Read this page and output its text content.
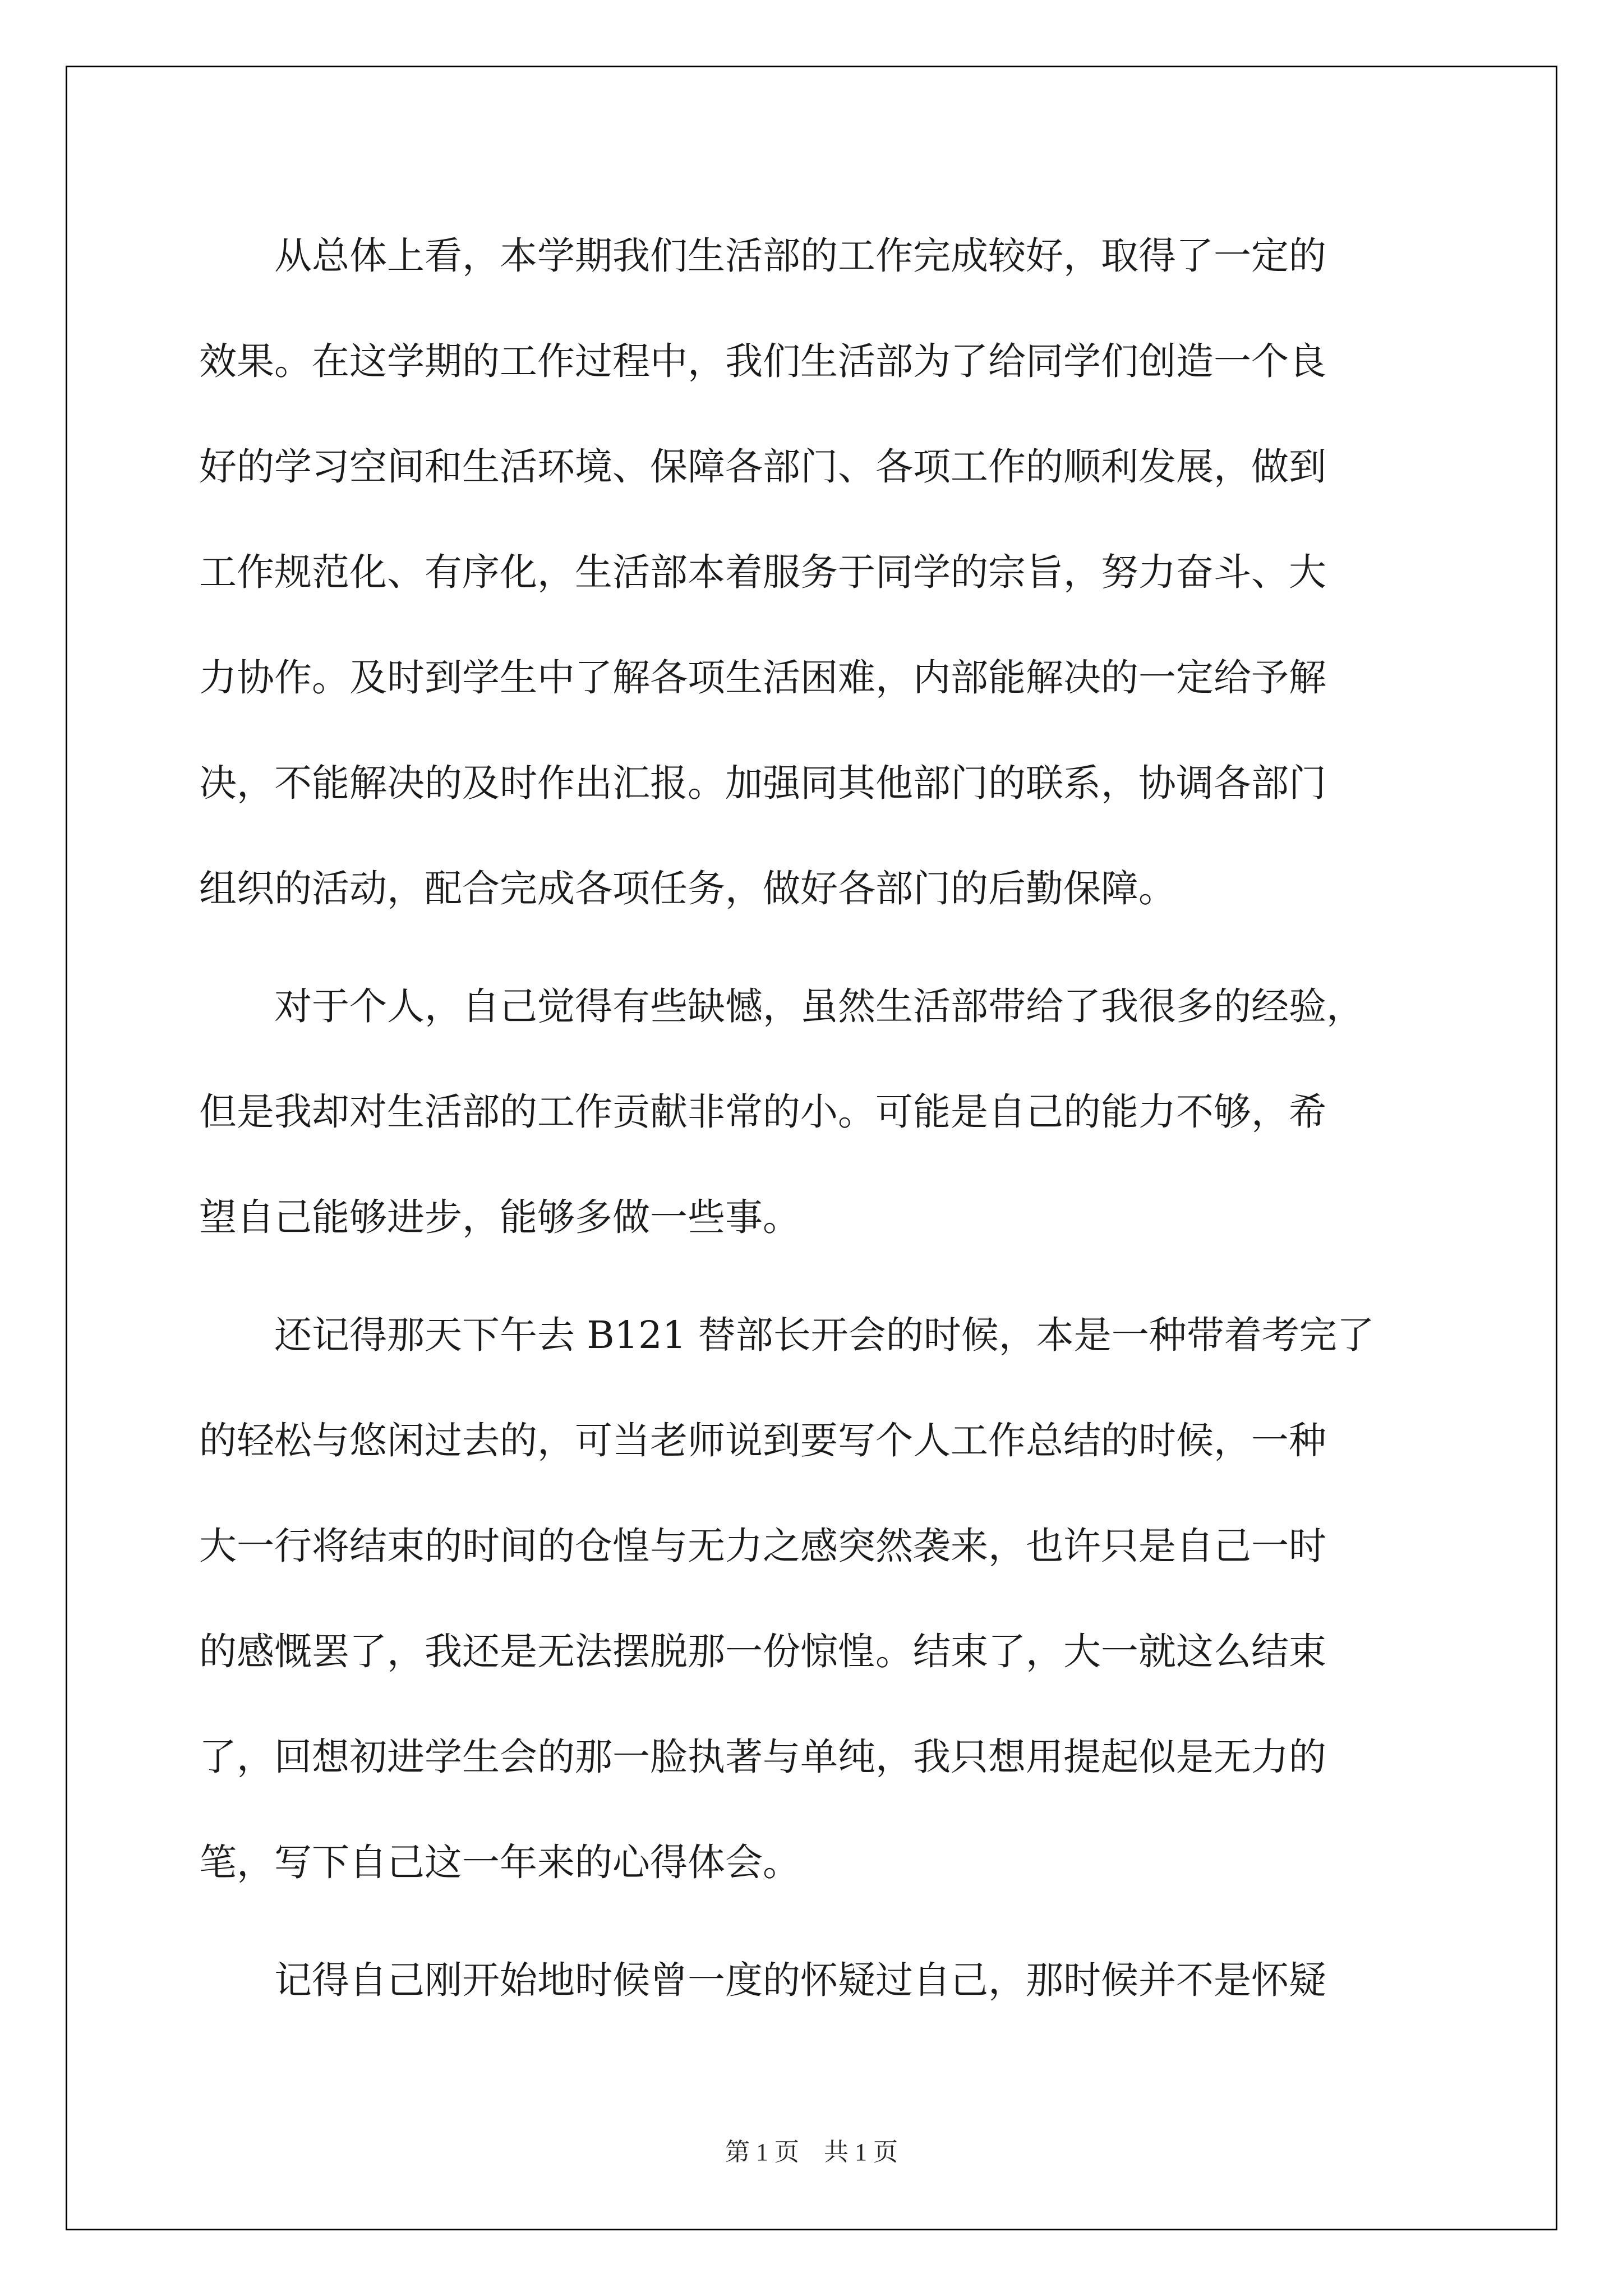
　　从总体上看，本学期我们生活部的工作完成较好，取得了一定的
效果。在这学期的工作过程中，我们生活部为了给同学们创造一个良
好的学习空间和生活环境、保障各部门、各项工作的顺利发展，做到
工作规范化、有序化，生活部本着服务于同学的宗旨，努力奋斗、大
力协作。及时到学生中了解各项生活困难，内部能解决的一定给予解
决，不能解决的及时作出汇报。加强同其他部门的联系，协调各部门
组织的活动，配合完成各项任务，做好各部门的后勤保障。
　　对于个人，自己觉得有些缺憾，虽然生活部带给了我很多的经验，
但是我却对生活部的工作贡献非常的小。可能是自己的能力不够，希
望自己能够进步，能够多做一些事。
　　还记得那天下午去 B121 替部长开会的时候，本是一种带着考完了
的轻松与悠闲过去的，可当老师说到要写个人工作总结的时候，一种
大一行将结束的时间的仓惶与无力之感突然袭来，也许只是自己一时
的感慨罢了，我还是无法摆脱那一份惊惶。结束了，大一就这么结束
了，回想初进学生会的那一脸执著与单纯，我只想用提起似是无力的
笔，写下自己这一年来的心得体会。
　　记得自己刚开始地时候曾一度的怀疑过自己，那时候并不是怀疑
第 1 页　共 1 页
